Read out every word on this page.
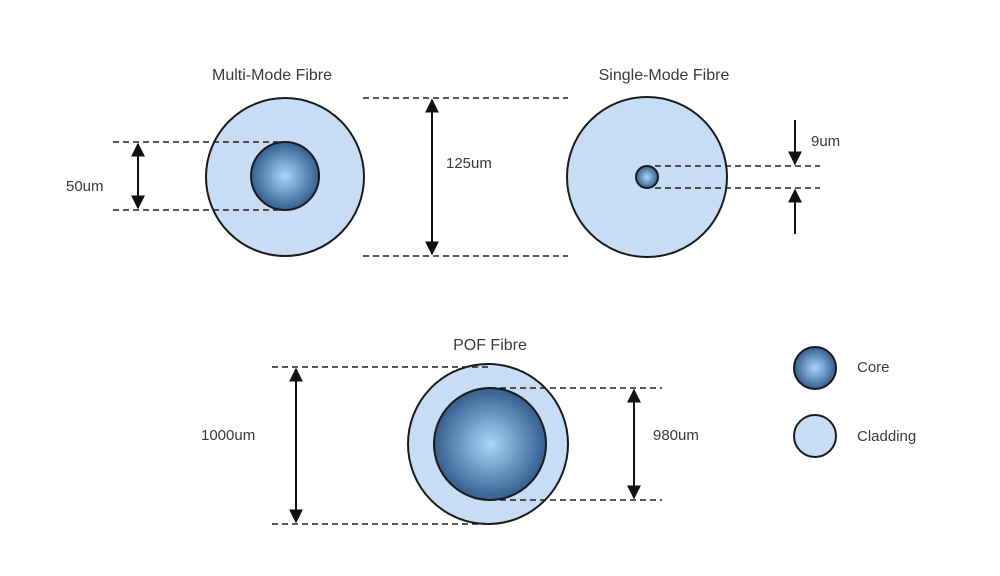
Multi-Mode Fibre
50um
125um
Single-Mode Fibre
9um
POF Fibre
1000um	980um
Core
Cladding
